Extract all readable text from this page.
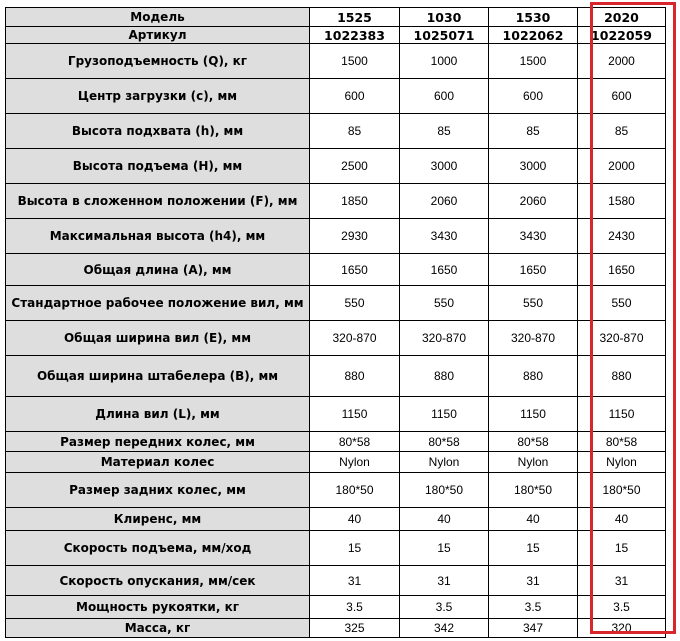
Модель	1525	1030	1530	2020
Артикул	1022383	1025071	1022062	1022059
Грузоподъемность (Q), кг	1500	1000	1500	2000
Центр загрузки (c), мм	600	600	600	600
Высота подхвата (h), мм	85	85	85	85
Высота подъема (H), мм	2500	3000	3000	2000
Высота в сложенном положении (F), мм	1850	2060	2060	1580
Максимальная высота (h4), мм	2930	3430	3430	2430
Общая длина (A), мм	1650	1650	1650	1650
Стандартное рабочее положение вил, мм	550	550	550	550
Общая ширина вил (E), мм	320-870	320-870	320-870	320-870
Общая ширина штабелера (B), мм	880	880	880	880
Длина вил (L), мм	1150	1150	1150	1150
Размер передних колес, мм	80*58	80*58	80*58	80*58
Материал колес	Nylon	Nylon	Nylon	Nylon
Размер задних колес, мм	180*50	180*50	180*50	180*50
Клиренс, мм	40	40	40	40
Скорость подъема, мм/ход	15	15	15	15
Скорость опускания, мм/сек	31	31	31	31
Мощность рукоятки, кг	3.5	3.5	3.5	3.5
Масса, кг	325	342	347	320
